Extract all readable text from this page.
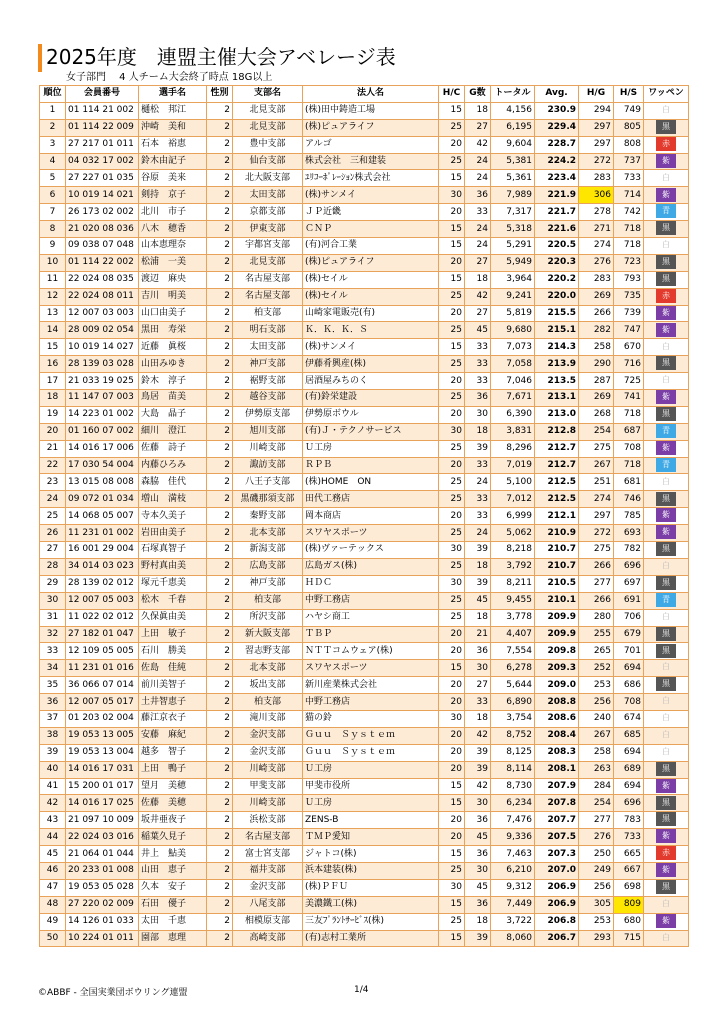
2025年度　連盟主催大会アベレージ表
女子部門　 4 人チーム大会終了時点 18G以上
順位	会員番号	選手名	性別	支部名	法人名	H/C	G数	トータル	Avg.	H/G	H/S	ワッペン
1	01 114 21 002	樋松　邦江	2	北見支部	(株)田中鋳造工場	15	18	4,156	230.9	294	749	白
2	01 114 22 009	沖崎　美和	2	北見支部	(株)ピュアライフ	25	27	6,195	229.4	297	805	黒
3	27 217 01 011	石本　裕恵	2	豊中支部	アルゴ	20	42	9,604	228.7	297	808	赤
4	04 032 17 002	鈴木由記子	2	仙台支部	株式会社　三和建装	25	24	5,381	224.2	272	737	紫
5	27 227 01 035	谷原　美来	2	北大阪支部	ﾕﾘｺｰﾎﾟﾚｰｼｮﾝ株式会社	15	24	5,361	223.4	283	733	白
6	10 019 14 021	剣持　京子	2	太田支部	(株)サンメイ	30	36	7,989	221.9	306	714	紫
7	26 173 02 002	北川　市子	2	京都支部	ＪＰ近畿	20	33	7,317	221.7	278	742	青
8	21 020 08 036	八木　穂香	2	伊東支部	ＣＮＰ	15	24	5,318	221.6	271	718	黒
9	09 038 07 048	山本恵理奈	2	宇都宮支部	(有)河合工業	15	24	5,291	220.5	274	718	白
10	01 114 22 002	松浦　一美	2	北見支部	(株)ピュアライフ	20	27	5,949	220.3	276	723	黒
11	22 024 08 035	渡辺　麻央	2	名古屋支部	(株)セイル	15	18	3,964	220.2	283	793	黒
12	22 024 08 011	吉川　明美	2	名古屋支部	(株)セイル	25	42	9,241	220.0	269	735	赤
13	12 007 03 003	山口由美子	2	柏支部	山崎家電販売(有)	20	27	5,819	215.5	266	739	紫
14	28 009 02 054	黒田　寿栄	2	明石支部	Ｋ．Ｋ．Ｋ．Ｓ	25	45	9,680	215.1	282	747	紫
15	10 019 14 027	近藤　眞桜	2	太田支部	(株)サンメイ	15	33	7,073	214.3	258	670	白
16	28 139 03 028	山田みゆき	2	神戸支部	伊藤肴興産(株)	25	33	7,058	213.9	290	716	黒
17	21 033 19 025	鈴木　淳子	2	裾野支部	居酒屋みちのく	20	33	7,046	213.5	287	725	白
18	11 147 07 003	鳥居　苗美	2	越谷支部	(有)鈴栄建設	25	36	7,671	213.1	269	741	紫
19	14 223 01 002	大島　晶子	2	伊勢原支部	伊勢原ボウル	20	30	6,390	213.0	268	718	黒
20	01 160 07 002	細川　澄江	2	旭川支部	(有)Ｊ・テクノサービス	30	18	3,831	212.8	254	687	青
21	14 016 17 006	佐藤　詩子	2	川崎支部	Ｕ工房	25	39	8,296	212.7	275	708	紫
22	17 030 54 004	内藤ひろみ	2	諏訪支部	ＲＰＢ	20	33	7,019	212.7	267	718	青
23	13 015 08 008	森脇　佳代	2	八王子支部	(株)HOME　ON	25	24	5,100	212.5	251	681	白
24	09 072 01 034	増山　満枝	2	黒磯那須支部	田代工務店	25	33	7,012	212.5	274	746	黒
25	14 068 05 007	寺本久美子	2	秦野支部	岡本商店	20	33	6,999	212.1	297	785	紫
26	11 231 01 002	岩田由美子	2	北本支部	スワヤスポーツ	25	24	5,062	210.9	272	693	紫
27	16 001 29 004	石塚真智子	2	新潟支部	(株)ヴァーテックス	30	39	8,218	210.7	275	782	黒
28	34 014 03 023	野村真由美	2	広島支部	広島ガス(株)	25	18	3,792	210.7	266	696	白
29	28 139 02 012	塚元千恵美	2	神戸支部	ＨＤＣ	30	39	8,211	210.5	277	697	黒
30	12 007 05 003	松木　千春	2	柏支部	中野工務店	25	45	9,455	210.1	266	691	青
31	11 022 02 012	久保眞由美	2	所沢支部	ハヤシ商工	25	18	3,778	209.9	280	706	白
32	27 182 01 047	上田　敏子	2	新大阪支部	ＴＢＰ	20	21	4,407	209.9	255	679	黒
33	12 109 05 005	石川　勝美	2	習志野支部	ＮＴＴコムウェア(株)	20	36	7,554	209.8	265	701	黒
34	11 231 01 016	佐島　佳純	2	北本支部	スワヤスポーツ	15	30	6,278	209.3	252	694	白
35	36 066 07 014	前川美智子	2	坂出支部	新川産業株式会社	20	27	5,644	209.0	253	686	黒
36	12 007 05 017	土井智恵子	2	柏支部	中野工務店	20	33	6,890	208.8	256	708	白
37	01 203 02 004	藤江京衣子	2	滝川支部	猫の鈴	30	18	3,754	208.6	240	674	白
38	19 053 13 005	安藤　麻紀	2	金沢支部	Ｇｕｕ　Ｓｙｓｔｅｍ	20	42	8,752	208.4	267	685	白
39	19 053 13 004	越多　智子	2	金沢支部	Ｇｕｕ　Ｓｙｓｔｅｍ	20	39	8,125	208.3	258	694	白
40	14 016 17 031	上田　鴨子	2	川崎支部	Ｕ工房	20	39	8,114	208.1	263	689	黒
41	15 200 01 017	望月　美穂	2	甲斐支部	甲斐市役所	15	42	8,730	207.9	284	694	紫
42	14 016 17 025	佐藤　美穂	2	川崎支部	Ｕ工房	15	30	6,234	207.8	254	696	黒
43	21 097 10 009	坂井亜夜子	2	浜松支部	ZENS-B	20	36	7,476	207.7	277	783	黒
44	22 024 03 016	稲葉久見子	2	名古屋支部	ＴＭＰ愛知	20	45	9,336	207.5	276	733	紫
45	21 064 01 044	井上　鮎美	2	富士宮支部	ジャトコ(株)	15	36	7,463	207.3	250	665	赤
46	20 233 01 008	山田　恵子	2	福井支部	浜本建装(株)	25	30	6,210	207.0	249	667	紫
47	19 053 05 028	久本　安子	2	金沢支部	(株)ＰＦＵ	30	45	9,312	206.9	256	698	黒
48	27 220 02 009	石田　優子	2	八尾支部	美濃鐵工(株)	15	36	7,449	206.9	305	809	白
49	14 126 01 033	太田　千恵	2	相模原支部	三友ﾌﾟﾗﾝﾄｻｰﾋﾞｽ(株)	25	18	3,722	206.8	253	680	紫
50	10 224 01 011	園部　恵理	2	高崎支部	(有)志村工業所	15	39	8,060	206.7	293	715	白
©ABBF - 全国実業団ボウリング連盟	1/4
